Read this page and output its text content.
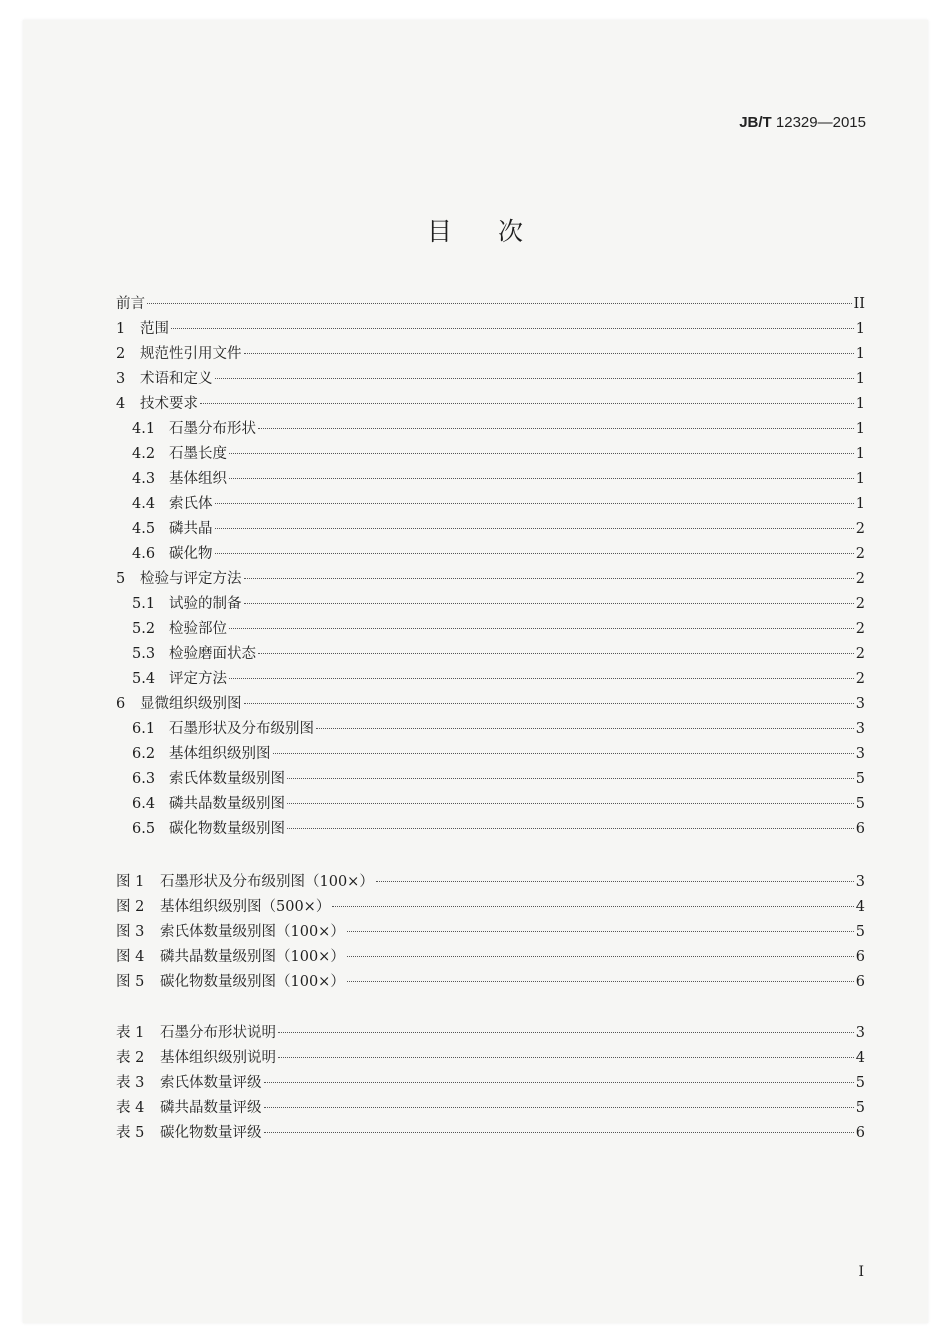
JB/T 12329—2015
目次
前言	II
1	范围	1
2	规范性引用文件	1
3	术语和定义	1
4	技术要求	1
4.1 石墨分布形状	1
4.2 石墨长度	1
4.3 基体组织	1
4.4 索氏体	1
4.5 磷共晶	2
4.6 碳化物	2
5	检验与评定方法	2
5.1 试验的制备	2
5.2 检验部位	2
5.3 检验磨面状态	2
5.4 评定方法	2
6	显微组织级别图	3
6.1 石墨形状及分布级别图	3
6.2 基体组织级别图	3
6.3 索氏体数量级别图	5
6.4 磷共晶数量级别图	5
6.5 碳化物数量级别图	6
图 1	石墨形状及分布级别图（100×）	3
图 2	基体组织级别图（500×）	4
图 3	索氏体数量级别图（100×）	5
图 4	磷共晶数量级别图（100×）	6
图 5	碳化物数量级别图（100×）	6
表 1	石墨分布形状说明	3
表 2	基体组织级别说明	4
表 3	索氏体数量评级	5
表 4	磷共晶数量评级	5
表 5	碳化物数量评级	6
I
